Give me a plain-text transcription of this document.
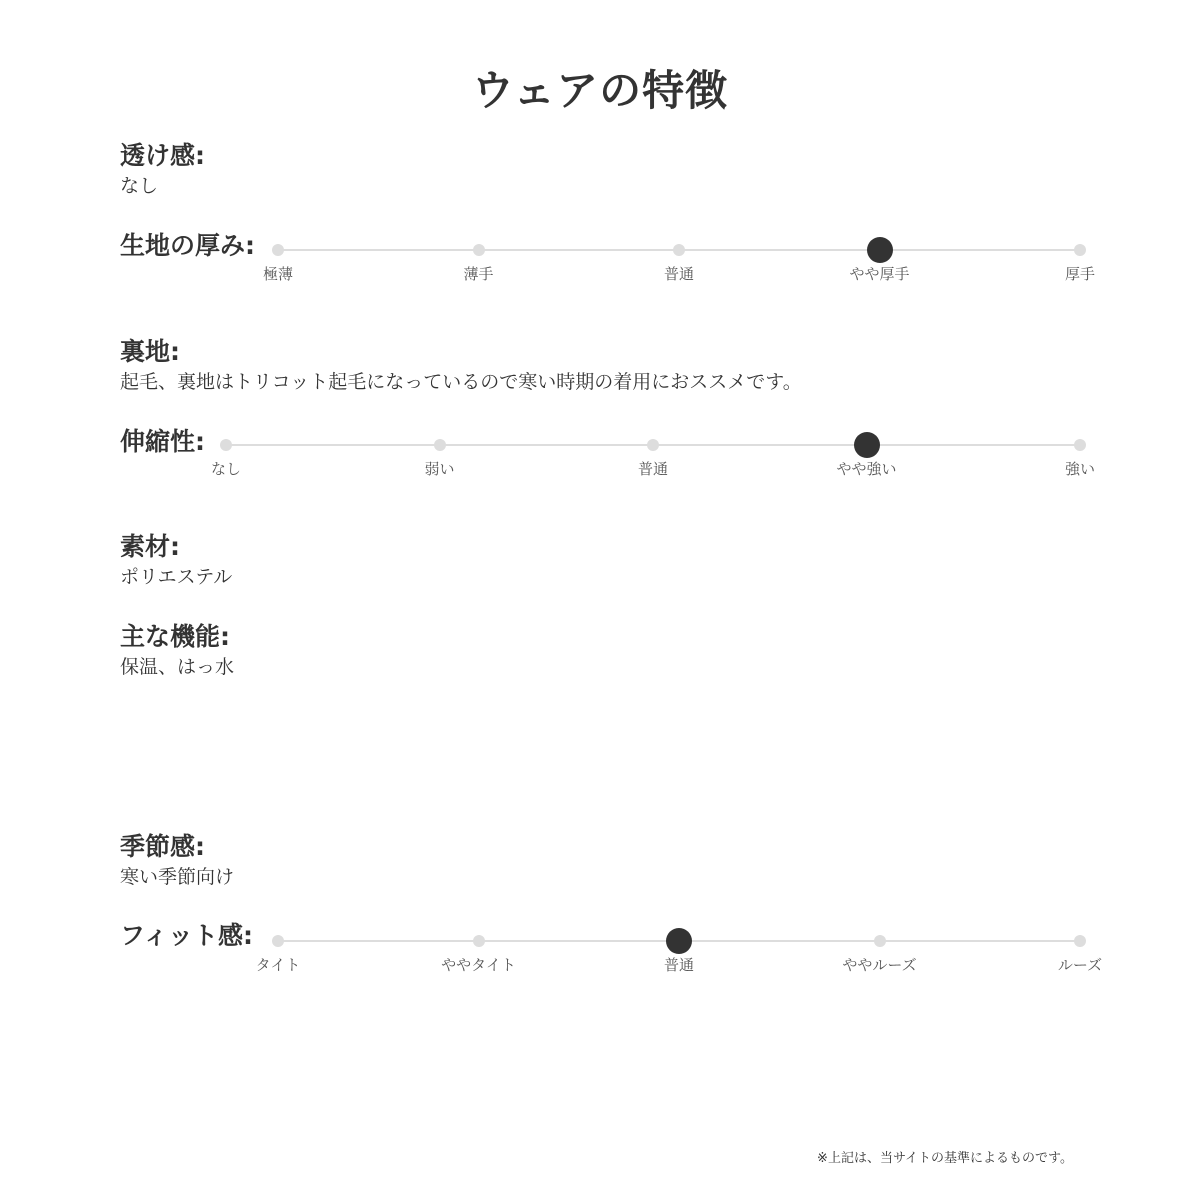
ウェアの特徴
透け感:
なし
生地の厚み:
極薄	薄手	普通	やや厚手	厚手
裏地:
起毛、裏地はトリコット起毛になっているので寒い時期の着用におススメです。
伸縮性:
なし	弱い	普通	やや強い	強い
素材:
ポリエステル
主な機能:
保温、はっ水
季節感:
寒い季節向け
フィット感:
タイト	ややタイト	普通	ややルーズ	ルーズ
※上記は、当サイトの基準によるものです。
